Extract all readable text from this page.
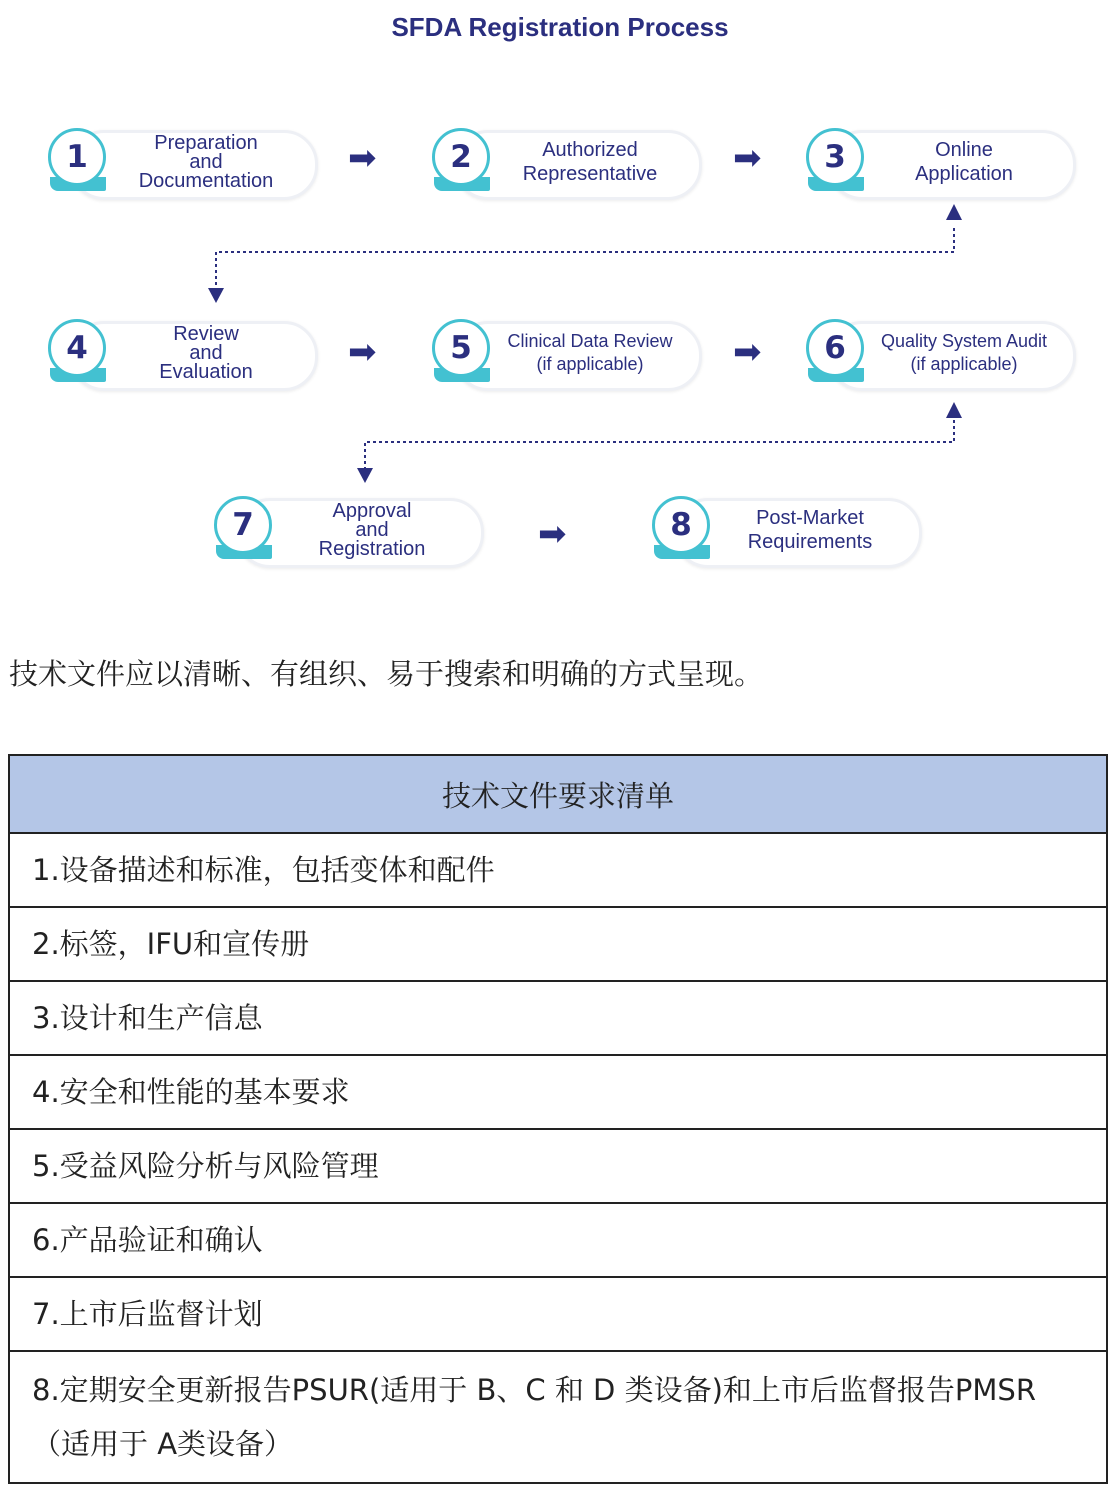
SFDA Registration Process
1	Preparation
and
Documentation
➡	2	Authorized
Representative	➡	3	Online
Application
4	Review
and
Evaluation	➡	5	Clinical Data Review
(if applicable)	➡	6	Quality System Audit
(if applicable)
7	Approval
and
Registration	➡	8	Post-Market
Requirements
技术文件应以清晰、有组织、易于搜索和明确的方式呈现。
技术文件要求清单
1.设备描述和标准，包括变体和配件
2.标签，IFU和宣传册
3.设计和生产信息
4.安全和性能的基本要求
5.受益风险分析与风险管理
6.产品验证和确认
7.上市后监督计划
8.定期安全更新报告PSUR(适用于 B、C 和 D 类设备)和上市后监督报告PMSR（适用于 A类设备）
